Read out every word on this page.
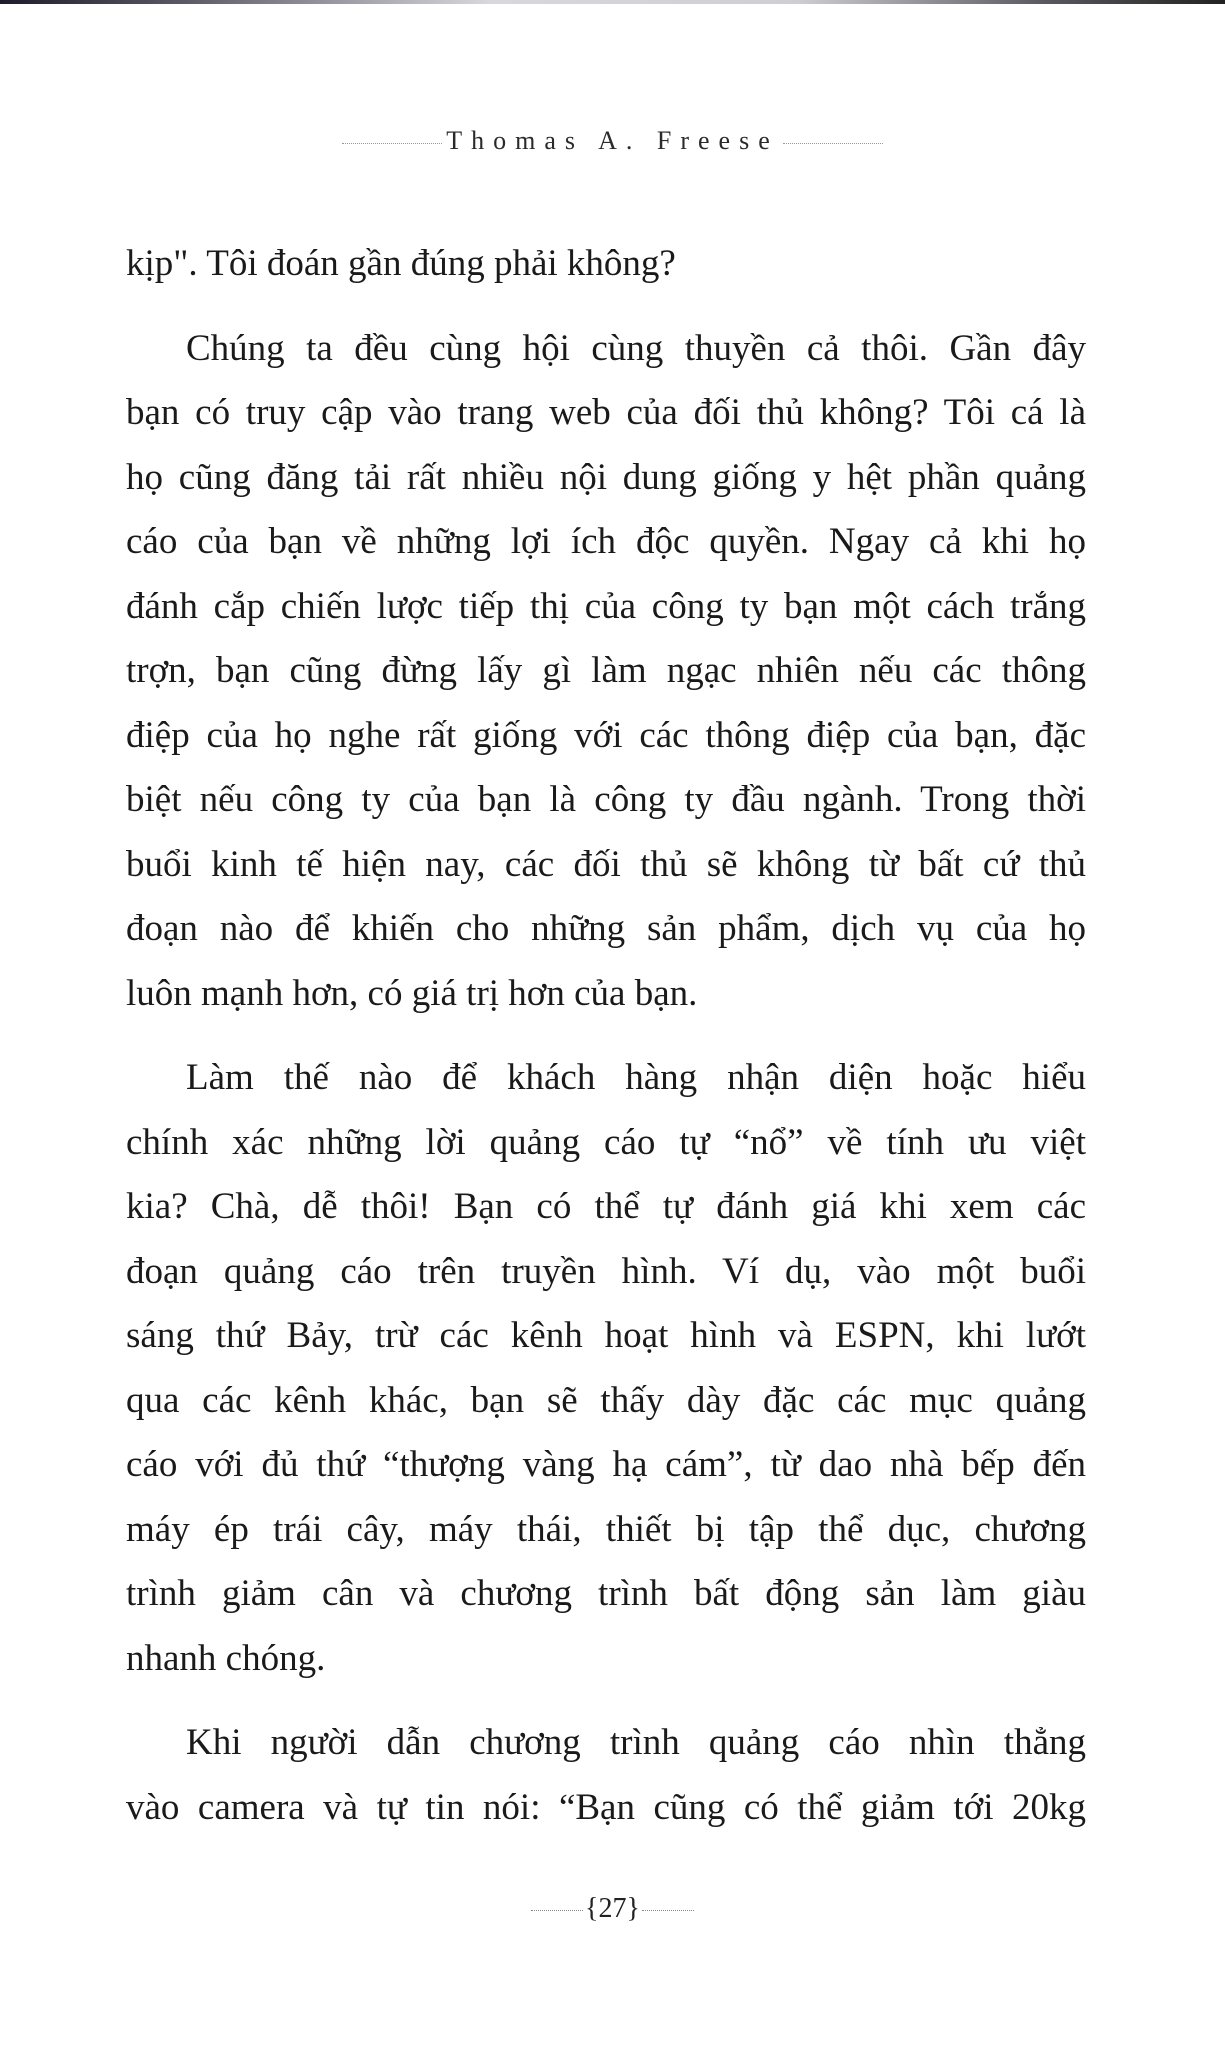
Thomas A. Freese
kịp". Tôi đoán gần đúng phải không?
Chúng ta đều cùng hội cùng thuyền cả thôi. Gần đây
bạn có truy cập vào trang web của đối thủ không? Tôi cá là
họ cũng đăng tải rất nhiều nội dung giống y hệt phần quảng
cáo của bạn về những lợi ích độc quyền. Ngay cả khi họ
đánh cắp chiến lược tiếp thị của công ty bạn một cách trắng
trợn, bạn cũng đừng lấy gì làm ngạc nhiên nếu các thông
điệp của họ nghe rất giống với các thông điệp của bạn, đặc
biệt nếu công ty của bạn là công ty đầu ngành. Trong thời
buổi kinh tế hiện nay, các đối thủ sẽ không từ bất cứ thủ
đoạn nào để khiến cho những sản phẩm, dịch vụ của họ
luôn mạnh hơn, có giá trị hơn của bạn.
Làm thế nào để khách hàng nhận diện hoặc hiểu
chính xác những lời quảng cáo tự “nổ” về tính ưu việt
kia? Chà, dễ thôi! Bạn có thể tự đánh giá khi xem các
đoạn quảng cáo trên truyền hình. Ví dụ, vào một buổi
sáng thứ Bảy, trừ các kênh hoạt hình và ESPN, khi lướt
qua các kênh khác, bạn sẽ thấy dày đặc các mục quảng
cáo với đủ thứ “thượng vàng hạ cám”, từ dao nhà bếp đến
máy ép trái cây, máy thái, thiết bị tập thể dục, chương
trình giảm cân và chương trình bất động sản làm giàu
nhanh chóng.
Khi người dẫn chương trình quảng cáo nhìn thẳng
vào camera và tự tin nói: “Bạn cũng có thể giảm tới 20kg
{27}
